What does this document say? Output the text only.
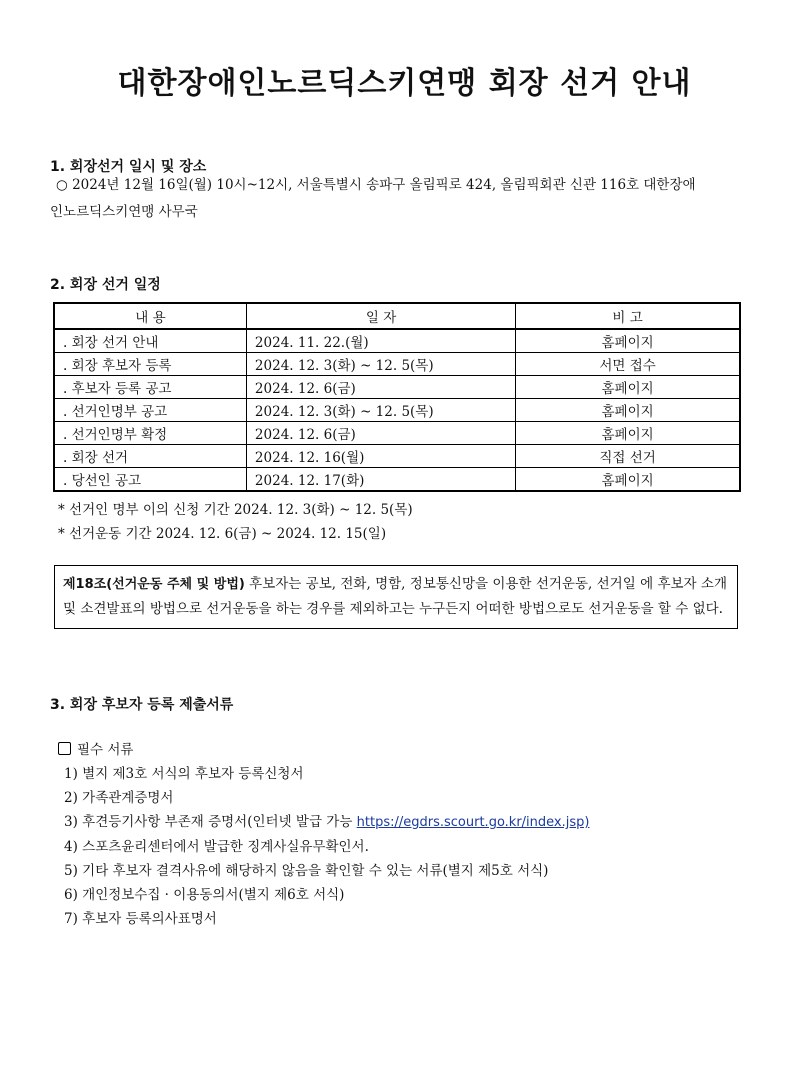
대한장애인노르딕스키연맹 회장 선거 안내
1. 회장선거 일시 및 장소
○ 2024년 12월 16일(월) 10시~12시, 서울특별시 송파구 올림픽로 424, 올림픽회관 신관 116호 대한장애
인노르딕스키연맹 사무국
2. 회장 선거 일정
내 용	일 자	비 고
. 회장 선거 안내	2024. 11. 22.(월)	홈페이지
. 회장 후보자 등록	2024. 12. 3(화) ~ 12. 5(목)	서면 접수
. 후보자 등록 공고	2024. 12. 6(금)	홈페이지
. 선거인명부 공고	2024. 12. 3(화) ~ 12. 5(목)	홈페이지
. 선거인명부 확정	2024. 12. 6(금)	홈페이지
. 회장 선거	2024. 12. 16(월)	직접 선거
. 당선인 공고	2024. 12. 17(화)	홈페이지
* 선거인 명부 이의 신청 기간 2024. 12. 3(화) ~ 12. 5(목)
* 선거운동 기간 2024. 12. 6(금) ~ 2024. 12. 15(일)
제18조(선거운동 주체 및 방법) 후보자는 공보, 전화, 명함, 정보통신망을 이용한 선거운동, 선거일 에 후보자 소개 및 소견발표의 방법으로 선거운동을 하는 경우를 제외하고는 누구든지 어떠한 방법으로도 선거운동을 할 수 없다.
3. 회장 후보자 등록 제출서류
필수 서류
1) 별지 제3호 서식의 후보자 등록신청서
2) 가족관계증명서
3) 후견등기사항 부존재 증명서(인터넷 발급 가능 https://egdrs.scourt.go.kr/index.jsp)
4) 스포츠윤리센터에서 발급한 징계사실유무확인서.
5) 기타 후보자 결격사유에 해당하지 않음을 확인할 수 있는 서류(별지 제5호 서식)
6) 개인정보수집 · 이용동의서(별지 제6호 서식)
7) 후보자 등록의사표명서
